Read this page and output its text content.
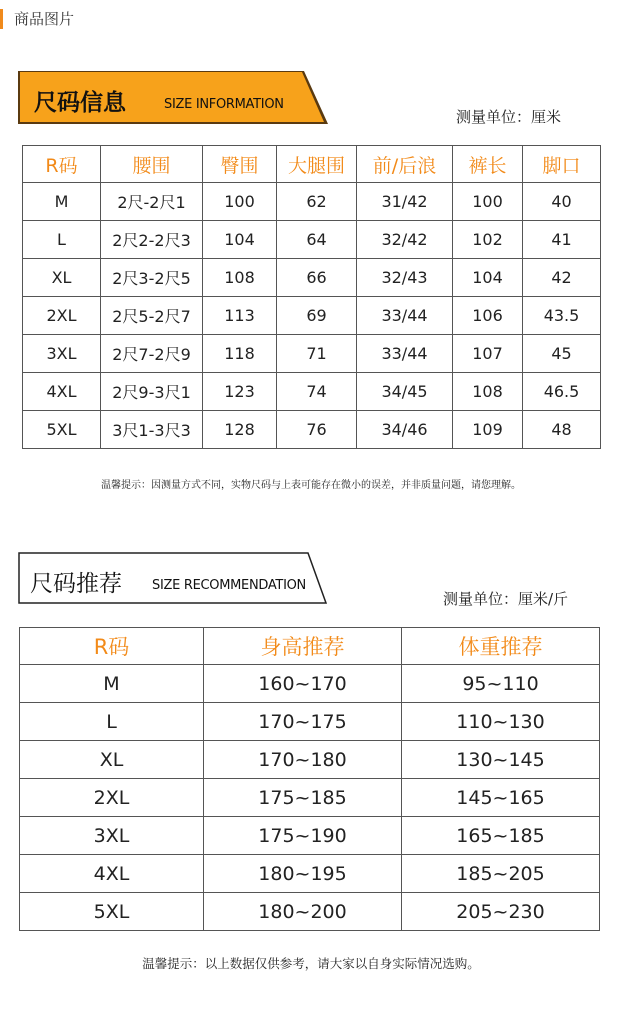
商品图片
尺码信息	SIZE INFORMATION
测量单位：厘米
R码	腰围	臀围	大腿围	前/后浪	裤长	脚口
M	2尺-2尺1	100	62	31/42	100	40
L	2尺2-2尺3	104	64	32/42	102	41
XL	2尺3-2尺5	108	66	32/43	104	42
2XL	2尺5-2尺7	113	69	33/44	106	43.5
3XL	2尺7-2尺9	118	71	33/44	107	45
4XL	2尺9-3尺1	123	74	34/45	108	46.5
5XL	3尺1-3尺3	128	76	34/46	109	48
温馨提示：因测量方式不同，实物尺码与上表可能存在微小的误差，并非质量问题，请您理解。
尺码推荐 SIZE RECOMMENDATION
测量单位：厘米/斤
R码	身高推荐	体重推荐
M	160~170	95~110
L	170~175	110~130
XL	170~180	130~145
2XL	175~185	145~165
3XL	175~190	165~185
4XL	180~195	185~205
5XL	180~200	205~230
温馨提示：以上数据仅供参考，请大家以自身实际情况选购。
